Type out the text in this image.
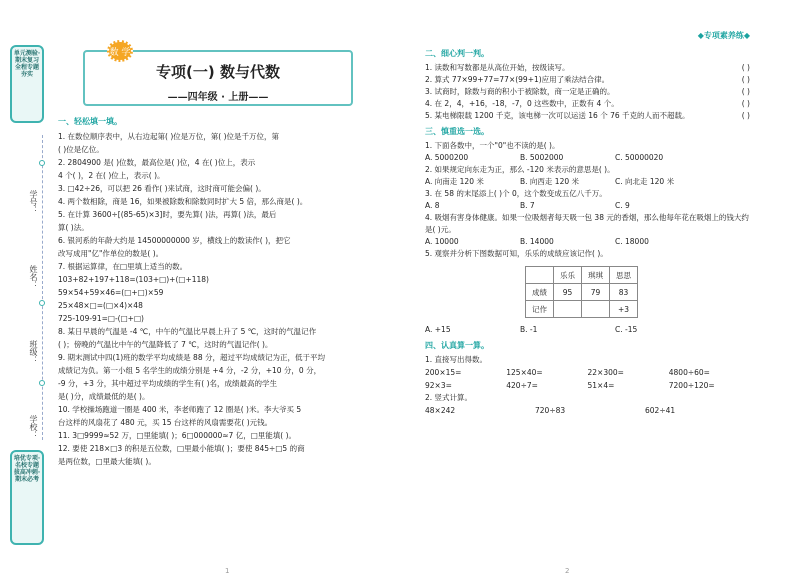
单元测验·期末复习 全程专题夯实
学号：
姓名：
班级：
学校：
培优专项·名校专题 拔高冲刺·期末必考
◆专项素养练◆
数 学
专项(一) 数与代数
——四年级 · 上册——
一、轻松填一填。
1. 在数位顺序表中，从右边起第( )位是万位，第( )位是千万位，第
( )位是亿位。
2. 2804900 是( )位数，最高位是( )位，4 在( )位上，表示
4 个( )，2 在( )位上，表示( )。
3. □42÷26，可以把 26 看作( )来试商，这时商可能会偏( )。
4. 两个数相除，商是 16，如果被除数和除数同时扩大 5 倍，那么商是( )。
5. 在计算 3600÷[(85-65)×3]时，要先算( )法，再算( )法，最后
算( )法。
6. 银河系的年龄大约是 14500000000 岁，横线上的数读作( )，把它
改写成用"亿"作单位的数是( )。
7. 根据运算律，在□里填上适当的数。
103+82+197+118=(103+□)+(□+118)
59×54+59×46=(□+□)×59
25×48×□=(□×4)×48
725-109-91=□-(□+□)
8. 某日早晨的气温是 -4 ℃，中午的气温比早晨上升了 5 ℃，这时的气温记作
( )；傍晚的气温比中午的气温降低了 7 ℃，这时的气温记作( )。
9. 期末测试中四(1)班的数学平均成绩是 88 分，超过平均成绩记为正，低于平均
成绩记为负。第一小组 5 名学生的成绩分别是 +4 分，-2 分，+10 分，0 分，
-9 分，+3 分，其中超过平均成绩的学生有( )名，成绩最高的学生
是( )分，成绩最低的是( )。
10. 学校操场跑道一圈是 400 米，李老师跑了 12 圈是( )米。李大爷买 5
台这样的风扇花了 480 元，买 15 台这样的风扇需要花( )元钱。
11. 3□9999≈52 万，□里能填( )；6□000000≈7 亿，□里能填( )。
12. 要使 218×□3 的积是五位数，□里最小能填( )；要使 845÷□5 的商
是两位数，□里最大能填( )。
二、细心判一判。
1. 读数和写数都是从高位开始，按级读写。	( )
2. 算式 77×99+77=77×(99+1)应用了乘法结合律。	( )
3. 试商时，除数与商的积小于被除数，商一定是正确的。	( )
4. 在 2，4，+16，-18，-7，0 这些数中，正数有 4 个。	( )
5. 某电梯限载 1200 千克，该电梯一次可以运送 16 个 76 千克的人而不超载。	( )
三、慎重选一选。
1. 下面各数中，一个"0"也不读的是( )。
A. 5000200	B. 5002000	C. 50000020
2. 如果规定向东走为正，那么 -120 米表示的意思是( )。
A. 向南走 120 米	B. 向西走 120 米	C. 向北走 120 米
3. 在 58 的末尾添上( )个 0，这个数变成五亿八千万。
A. 8	B. 7	C. 9
4. 吸烟有害身体健康。如果一位吸烟者每天吸一包 38 元的香烟，那么他每年花在吸烟上的钱大约是( )元。
A. 10000	B. 14000	C. 18000
5. 观察并分析下图数据可知，乐乐的成绩应该记作( )。
	乐乐	琪琪	思思
成绩	95	79	83
记作			+3
A. +15	B. -1	C. -15
四、认真算一算。
1. 直接写出得数。
200×15=	125×40=	22×300=	4800÷60=
92×3=	420÷7=	51×4=	7200÷120=
2. 竖式计算。
48×242	720÷83	602÷41
1	2
